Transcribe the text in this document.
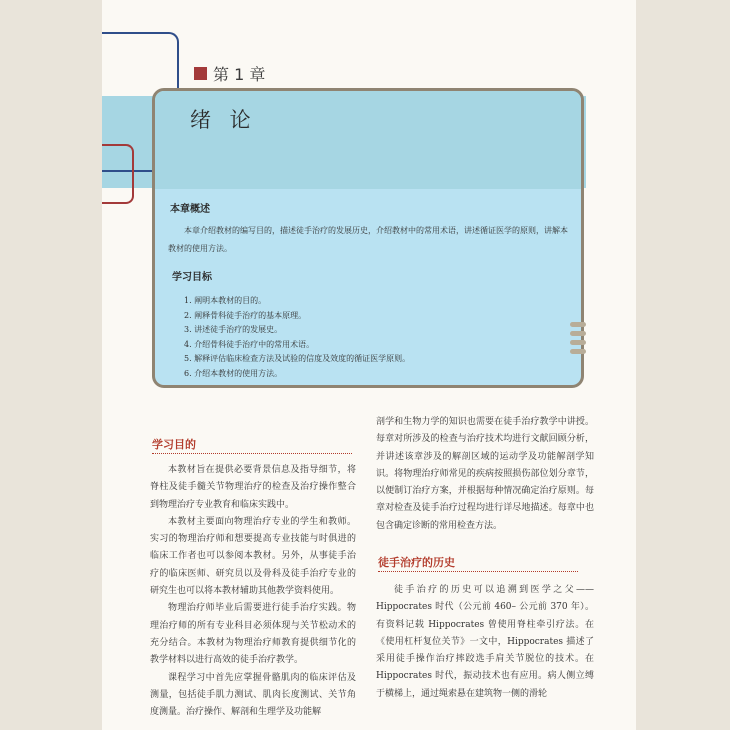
第 1 章
绪 论
本章概述
本章介绍教材的编写目的，描述徒手治疗的发展历史，介绍教材中的常用术语，讲述循证医学的原则，讲解本教材的使用方法。
学习目标
1. 阐明本教材的目的。
2. 阐释骨科徒手治疗的基本原理。
3. 讲述徒手治疗的发展史。
4. 介绍骨科徒手治疗中的常用术语。
5. 解释评估临床检查方法及试验的信度及效度的循证医学原则。
6. 介绍本教材的使用方法。
学习目的

本教材旨在提供必要背景信息及指导细节，将脊柱及徒手髓关节物理治疗的检查及治疗操作整合到物理治疗专业教育和临床实践中。

本教材主要面向物理治疗专业的学生和教师。实习的物理治疗师和想要提高专业技能与时俱进的临床工作者也可以参阅本教材。另外，从事徒手治疗的临床医师、研究员以及骨科及徒手治疗专业的研究生也可以将本教材辅助其他教学资料使用。

物理治疗师毕业后需要进行徒手治疗实践。物理治疗师的所有专业科目必须体现与关节松动术的充分结合。本教材为物理治疗师教育提供细节化的教学材料以进行高效的徒手治疗教学。

课程学习中首先应掌握骨骼肌肉的临床评估及测量，包括徒手肌力测试、肌肉长度测试、关节角度测量。治疗操作、解剖和生理学及功能解

剖学和生物力学的知识也需要在徒手治疗教学中讲授。每章对所涉及的检查与治疗技术均进行文献回顾分析，并讲述该章涉及的解剖区域的运动学及功能解剖学知识。将物理治疗师常见的疾病按照损伤部位划分章节，以便制订治疗方案，并根据每种情况确定治疗原则。每章对检查及徒手治疗过程均进行详尽地描述。每章中也包含确定诊断的常用检查方法。

徒手治疗的历史

徒手治疗的历史可以追溯到医学之父——Hippocrates 时代（公元前 460– 公元前 370 年）。有资料记载 Hippocrates 曾使用脊柱牵引疗法。在《使用杠杆复位关节》一文中，Hippocrates 描述了采用徒手操作治疗摔跤选手肩关节脱位的技术。在 Hippocrates 时代，振动技术也有应用。病人侧立缚于横梯上，通过绳索悬在建筑物一侧的滑轮
